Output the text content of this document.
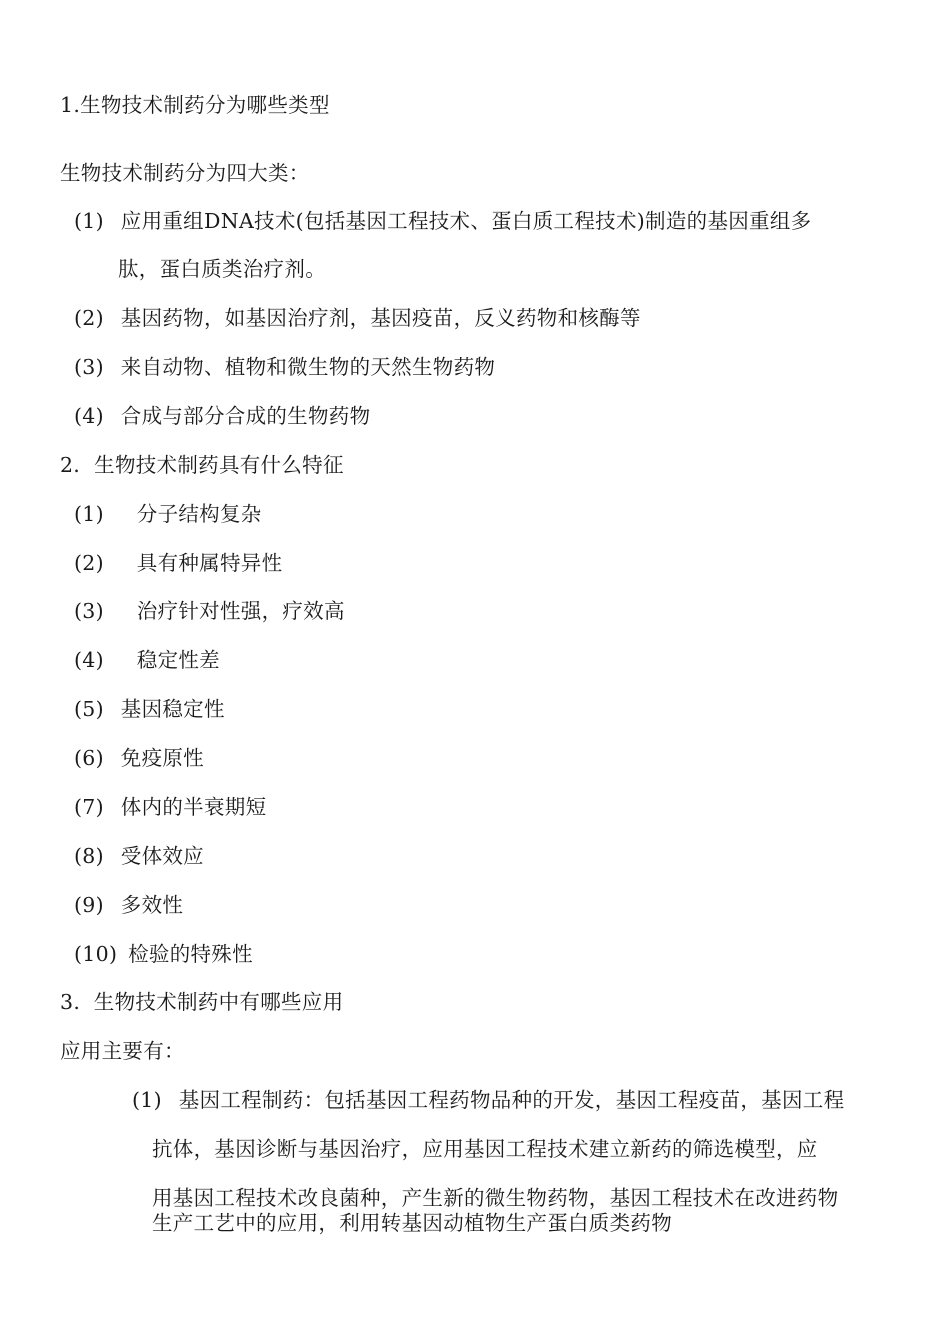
1.生物技术制药分为哪些类型
生物技术制药分为四大类：
(1) 应用重组DNA技术(包括基因工程技术、蛋白质工程技术)制造的基因重组多
肽，蛋白质类治疗剂。
(2) 基因药物，如基因治疗剂，基因疫苗，反义药物和核酶等
(3) 来自动物、植物和微生物的天然生物药物
(4) 合成与部分合成的生物药物
2．生物技术制药具有什么特征
(1) 分子结构复杂
(2) 具有种属特异性
(3) 治疗针对性强，疗效高
(4) 稳定性差
(5) 基因稳定性
(6) 免疫原性
(7) 体内的半衰期短
(8) 受体效应
(9) 多效性
(10) 检验的特殊性
3.  生物技术制药中有哪些应用
应用主要有：
(1) 基因工程制药：包括基因工程药物品种的开发，基因工程疫苗，基因工程
抗体，基因诊断与基因治疗，应用基因工程技术建立新药的筛选模型，应
用基因工程技术改良菌种，产生新的微生物药物，基因工程技术在改进药物
生产工艺中的应用，利用转基因动植物生产蛋白质类药物
